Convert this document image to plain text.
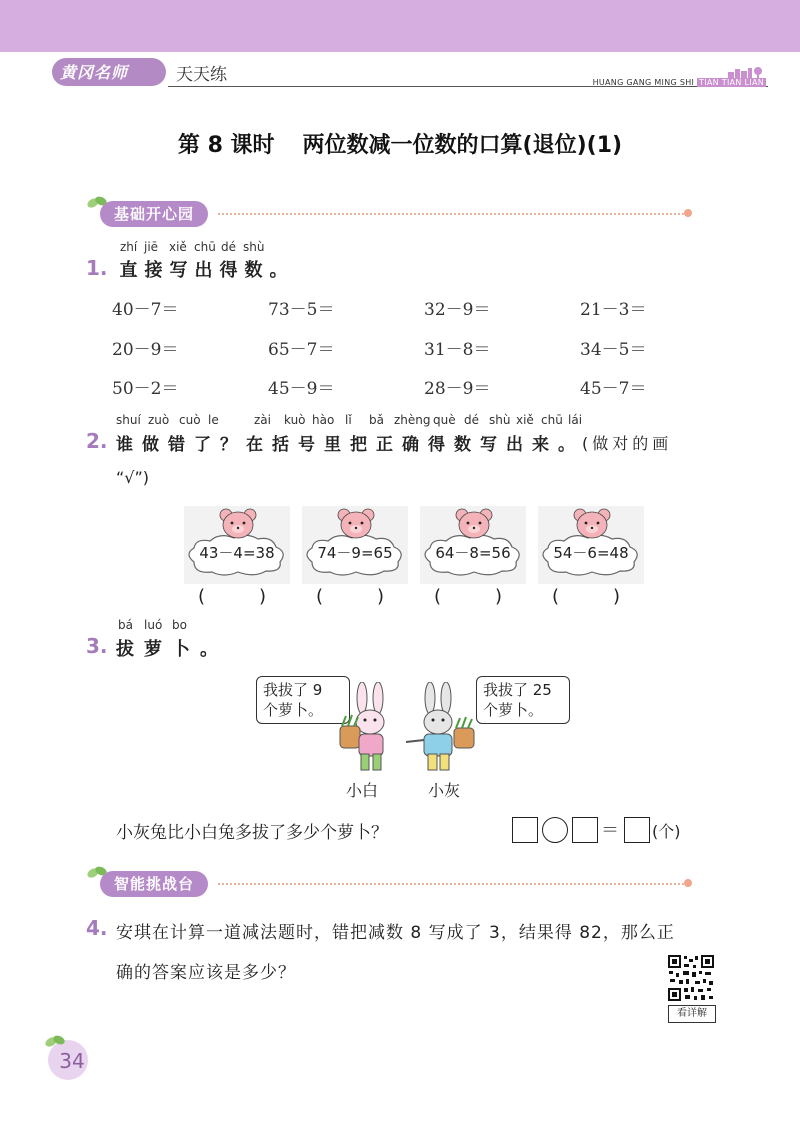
黄冈名师	天天练	HUANG GANG MING SHI TIAN TIAN LIAN
第 8 课时 两位数减一位数的口算(退位)(1)
基础开心园
zhí jiē xiě chū dé shù
1. 直 接 写 出 得 数 。
40－7＝	73－5＝	32－9＝	21－3＝
20－9＝	65－7＝	31－8＝	34－5＝
50－2＝	45－9＝	28－9＝	45－7＝
shuí zuò cuò le	zài kuò hào lǐ bǎ zhèng què dé shù xiě chū lái
2. 谁做错了？在括号里把正确得数写出来。
(做对的画
“√”)
43－4=38	74－9=65	64－8=56	54－6=48
(　　　)	(　　　)	(　　　)	(　　　)
bá luó bo
3. 拔萝卜。
我拔了 9
个萝卜。
我拔了 25
个萝卜。
小白	小灰
小灰兔比小白兔多拔了多少个萝卜？	＝ (个)
智能挑战台
4. 安琪在计算一道减法题时，错把减数 8 写成了 3，结果得 82，那么正
确的答案应该是多少？
看详解
34
